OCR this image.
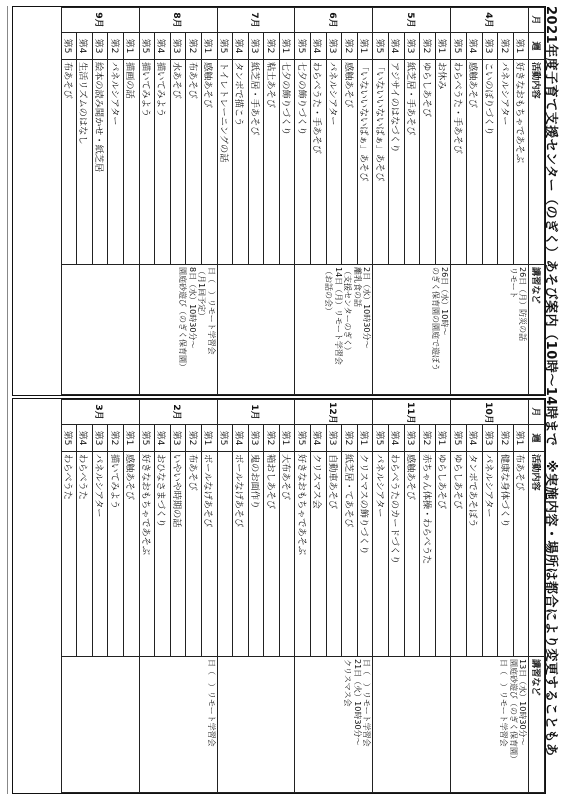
2021年度子育て支援センター（のぎく）あそび案内（10時～14時まで　※実施内容・場所は都合により変更することもあ
月	週	活動内容	講習など
4月	第1	好きなおもちゃであそぶ	26日（月）防災の話
リモート

	第2	パネルシアター	
	第3	こいのぼりづくり	
	第4	感触あそび	
	第5	わらべうた・手あそび	
5月	第1	お休み	26日（水）10時～
のぎく保育園の園庭で遊ぼう

	第2	ゆらしあそび	
	第3	紙芝居・手あそび	
	第4	アジサイのはなづくり	
	第5	「いないいないばぁ」あそび	
6月	第1	「いないいないばぁ」あそび	2日（水）10時30分～
離乳食の話
（支援センターのぎく）
14日（月）リモート学習会
（お話の会）

	第2	感触あそび	
	第3	パネルシアター	
	第4	わらべうた・手あそび	
	第5	七夕の飾りづくり	
7月	第1	七夕の飾りづくり	
	第2	粘土あそび	
	第3	紙芝居・手あそび	
	第4	タンポで描こう	
	第5	トイレトレーニングの話	
8月	第1	感触あそび	日（　）リモート学習会
（月1回予定）
8日（水）10時30分～
園庭砂遊び（のぎく保育園）

	第2	布あそび	
	第3	水あそび	
	第4	描いてみよう	
	第5	描いてみよう	
9月	第1	描画の話	
	第2	パネルシアター	
	第3	絵本の読み聞かせ・紙芝居	
	第4	生活リズムのはなし	
	第5	布あそび	
月	週	活動内容	講習など
10月	第1	布あそび	13日（水）10時30分～
園庭砂遊び（のぎく保育園）
日（　）リモート学習会

	第2	健康な身体づくり	
	第3	パネルシアター	
	第4	タンポであそぼう	
	第5	ゆらしあそび	
11月	第1	ゆらしあそび	
	第2	赤ちゃん体操・わらべうた	
	第3	感触あそび	
	第4	わらべうたのカードづくり	
	第5	パネルシアター	
12月	第1	クリスマスの飾りづくり	日（　）リモート学習会
21日（火）10時30分～
クリスマス会

	第2	紙芝居・てあそび	
	第3	自動車あそび	
	第4	クリスマス会	
	第5	好きなおもちゃであそぶ	
1月	第1	大布あそび	
	第2	箱おしあそび	
	第3	鬼のお面作り	
	第4	ボールなげあそび	
	第5		
2月	第1	ボールなげあそび	日（　）リモート学習会

	第2	布あそび	
	第3	いやいや時期の話	
	第4	おひなさまづくり	
	第5	好きなおもちゃであそぶ	
3月	第1	感触あそび	
	第2	描いてみよう	
	第3	パネルシアター	
	第4	わらべうた	
	第5	わらべうた	
